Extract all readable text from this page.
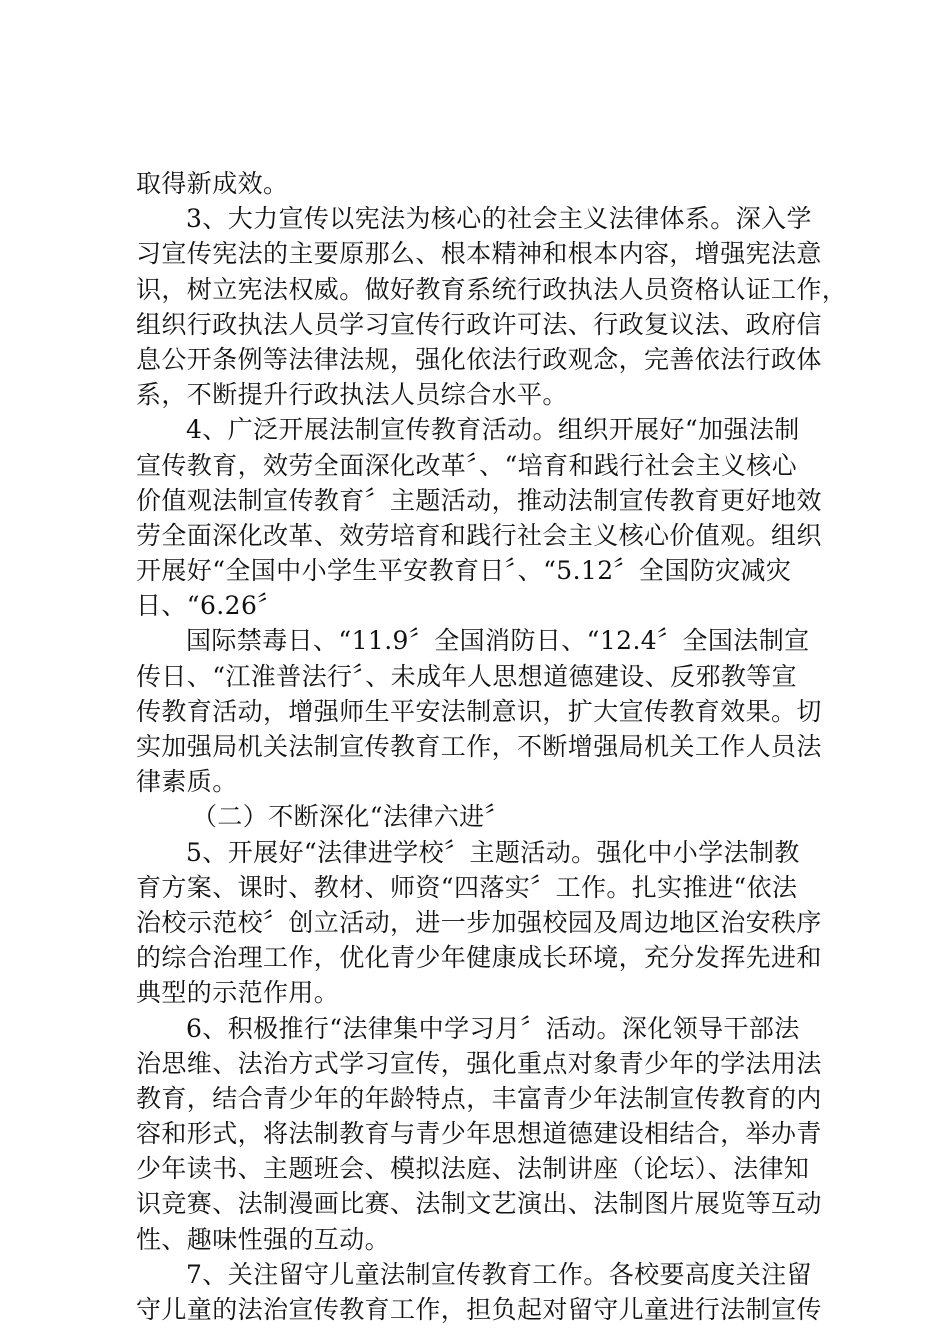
取得新成效。
3、大力宣传以宪法为核心的社会主义法律体系。深入学
习宣传宪法的主要原那么、根本精神和根本内容，增强宪法意
识，树立宪法权威。做好教育系统行政执法人员资格认证工作，
组织行政执法人员学习宣传行政许可法、行政复议法、政府信
息公开条例等法律法规，强化依法行政观念，完善依法行政体
系，不断提升行政执法人员综合水平。
4、广泛开展法制宣传教育活动。组织开展好“加强法制
宣传教育，效劳全面深化改革〞、“培育和践行社会主义核心
价值观法制宣传教育〞主题活动，推动法制宣传教育更好地效
劳全面深化改革、效劳培育和践行社会主义核心价值观。组织
开展好“全国中小学生平安教育日〞、“5.12〞全国防灾减灾
日、“6.26〞
国际禁毒日、“11.9〞全国消防日、“12.4〞全国法制宣
传日、“江淮普法行〞、未成年人思想道德建设、反邪教等宣
传教育活动，增强师生平安法制意识，扩大宣传教育效果。切
实加强局机关法制宣传教育工作，不断增强局机关工作人员法
律素质。
（二）不断深化“法律六进〞
5、开展好“法律进学校〞主题活动。强化中小学法制教
育方案、课时、教材、师资“四落实〞工作。扎实推进“依法
治校示范校〞创立活动，进一步加强校园及周边地区治安秩序
的综合治理工作，优化青少年健康成长环境，充分发挥先进和
典型的示范作用。
6、积极推行“法律集中学习月〞活动。深化领导干部法
治思维、法治方式学习宣传，强化重点对象青少年的学法用法
教育，结合青少年的年龄特点，丰富青少年法制宣传教育的内
容和形式，将法制教育与青少年思想道德建设相结合，举办青
少年读书、主题班会、模拟法庭、法制讲座（论坛）、法律知
识竞赛、法制漫画比赛、法制文艺演出、法制图片展览等互动
性、趣味性强的互动。
7、关注留守儿童法制宣传教育工作。各校要高度关注留
守儿童的法治宣传教育工作，担负起对留守儿童进行法制宣传
